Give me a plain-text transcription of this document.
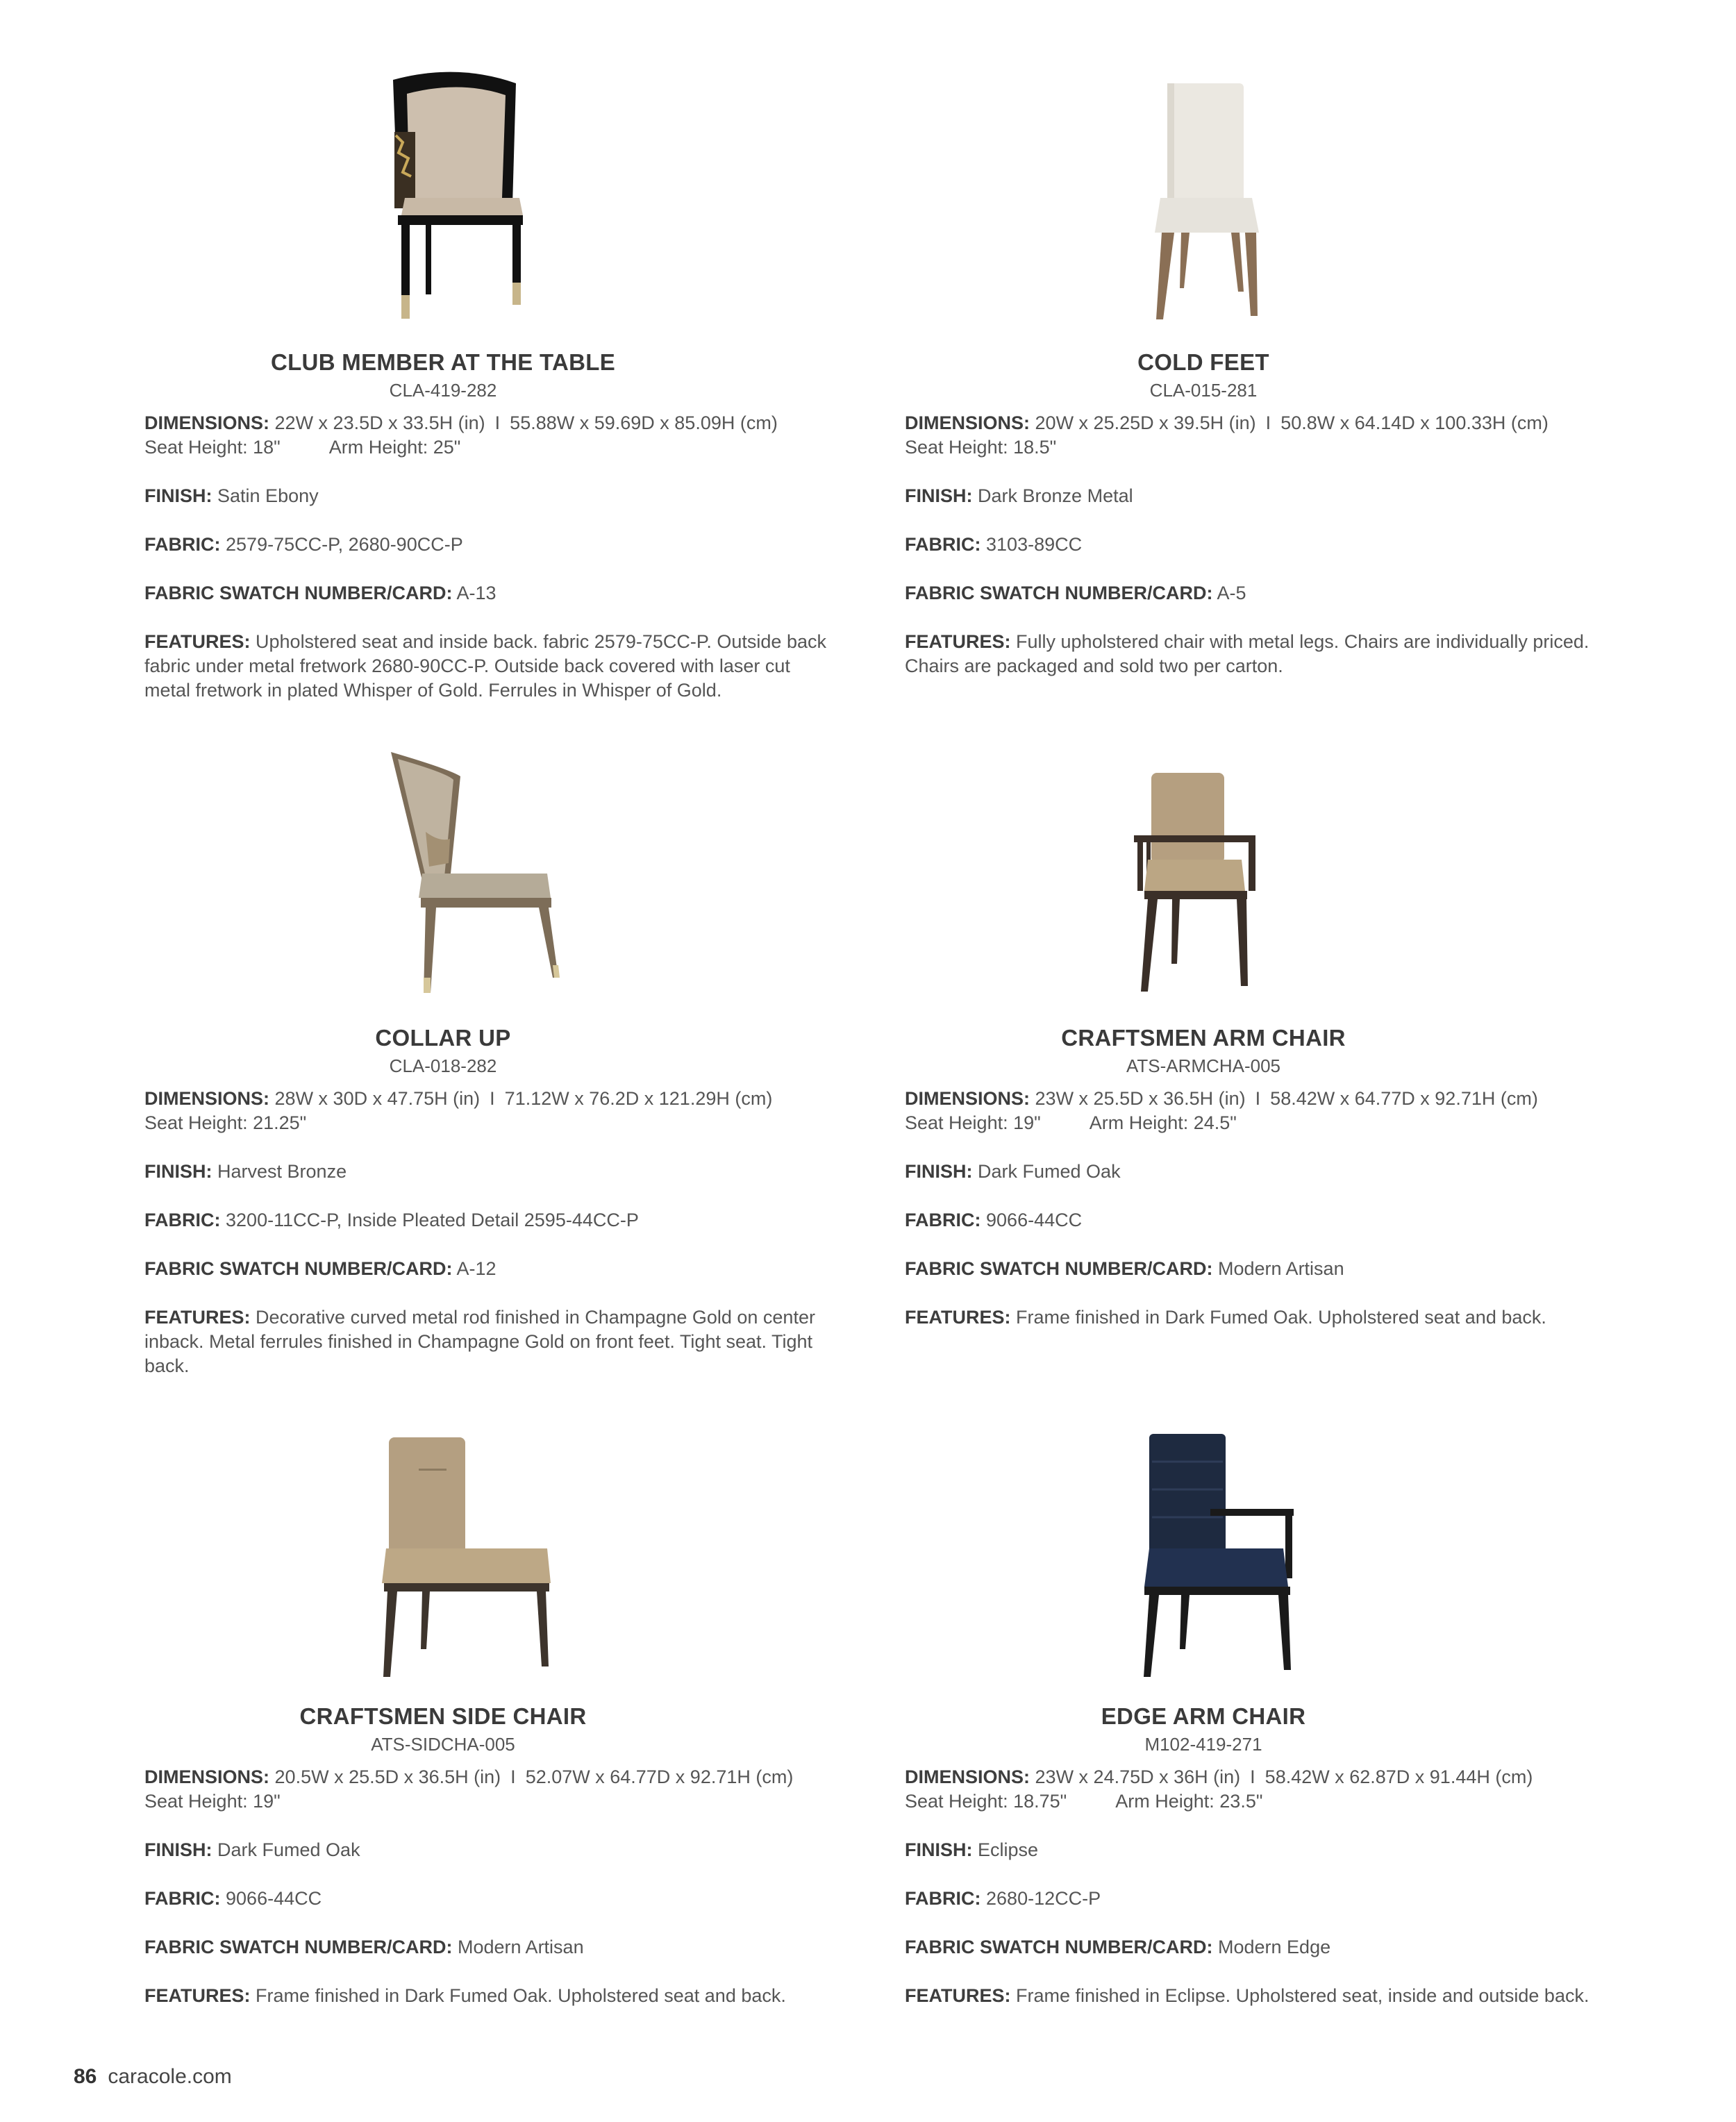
CLUB MEMBER AT THE TABLE
CLA-419-282
DIMENSIONS: 22W x 23.5D x 33.5H (in) I 55.88W x 59.69D x 85.09H (cm)
Seat Height: 18"	Arm Height: 25"
FINISH: Satin Ebony
FABRIC: 2579-75CC-P, 2680-90CC-P
FABRIC SWATCH NUMBER/CARD: A-13
FEATURES: Upholstered seat and inside back. fabric 2579-75CC-P. Outside back fabric under metal fretwork 2680-90CC-P. Outside back covered with laser cut metal fretwork in plated Whisper of Gold. Ferrules in Whisper of Gold.
COLD FEET
CLA-015-281
DIMENSIONS: 20W x 25.25D x 39.5H (in) I 50.8W x 64.14D x 100.33H (cm)
Seat Height: 18.5"
FINISH: Dark Bronze Metal
FABRIC: 3103-89CC
FABRIC SWATCH NUMBER/CARD: A-5
FEATURES: Fully upholstered chair with metal legs. Chairs are individually priced. Chairs are packaged and sold two per carton.
COLLAR UP
CLA-018-282
DIMENSIONS: 28W x 30D x 47.75H (in) I 71.12W x 76.2D x 121.29H (cm)
Seat Height: 21.25"
FINISH: Harvest Bronze
FABRIC: 3200-11CC-P, Inside Pleated Detail 2595-44CC-P
FABRIC SWATCH NUMBER/CARD: A-12
FEATURES: Decorative curved metal rod finished in Champagne Gold on center inback. Metal ferrules finished in Champagne Gold on front feet. Tight seat. Tight back.
CRAFTSMEN ARM CHAIR
ATS-ARMCHA-005
DIMENSIONS: 23W x 25.5D x 36.5H (in) I 58.42W x 64.77D x 92.71H (cm)
Seat Height: 19"	Arm Height: 24.5"
FINISH: Dark Fumed Oak
FABRIC: 9066-44CC
FABRIC SWATCH NUMBER/CARD: Modern Artisan
FEATURES: Frame finished in Dark Fumed Oak. Upholstered seat and back.
CRAFTSMEN SIDE CHAIR
ATS-SIDCHA-005
DIMENSIONS: 20.5W x 25.5D x 36.5H (in) I 52.07W x 64.77D x 92.71H (cm)
Seat Height: 19"
FINISH: Dark Fumed Oak
FABRIC: 9066-44CC
FABRIC SWATCH NUMBER/CARD: Modern Artisan
FEATURES: Frame finished in Dark Fumed Oak. Upholstered seat and back.
EDGE ARM CHAIR
M102-419-271
DIMENSIONS: 23W x 24.75D x 36H (in) I 58.42W x 62.87D x 91.44H (cm)
Seat Height: 18.75"	Arm Height: 23.5"
FINISH: Eclipse
FABRIC: 2680-12CC-P
FABRIC SWATCH NUMBER/CARD: Modern Edge
FEATURES: Frame finished in Eclipse. Upholstered seat, inside and outside back.
86 caracole.com
